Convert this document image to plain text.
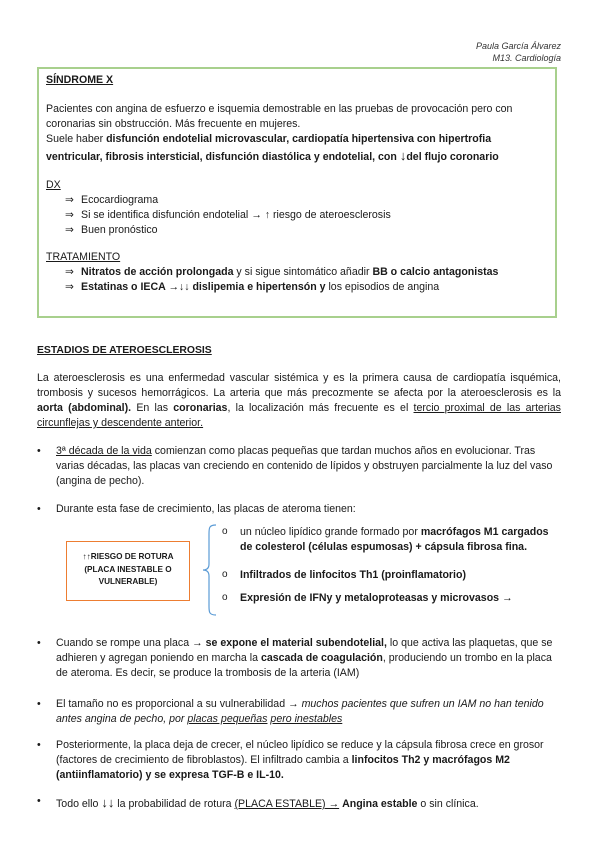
Paula García Álvarez
M13. Cardiología

SÍNDROME X

Pacientes con angina de esfuerzo e isquemia demostrable en las pruebas de provocación pero con coronarias sin obstrucción. Más frecuente en mujeres.

Suele haber disfunción endotelial microvascular, cardiopatía hipertensiva con hipertrofia ventricular, fibrosis intersticial, disfunción diastólica y endotelial, con ↓del flujo coronario

DX

⇒ Ecocardiograma

⇒ Si se identifica disfunción endotelial → ↑ riesgo de ateroesclerosis

⇒ Buen pronóstico

TRATAMIENTO

⇒ Nitratos de acción prolongada y si sigue sintomático añadir BB o calcio antagonistas

⇒ Estatinas o IECA →↓↓ dislipemia e hipertensón y los episodios de angina

ESTADIOS DE ATEROESCLEROSIS
La ateroesclerosis es una enfermedad vascular sistémica y es la primera causa de cardiopatía isquémica, trombosis y sucesos hemorrágicos. La arteria que más precozmente se afecta por la ateroesclerosis es la aorta (abdominal). En las coronarias, la localización más frecuente es el tercio proximal de las arterias circunflejas y descendente anterior.
•	3ª década de la vida comienzan como placas pequeñas que tardan muchos años en evolucionar. Tras varias décadas, las placas van creciendo en contenido de lípidos y obstruyen parcialmente la luz del vaso (angina de pecho).
•	Durante esta fase de crecimiento, las placas de ateroma tienen:
↑↑RIESGO DE ROTURA
(PLACA INESTABLE O
VULNERABLE)
o un núcleo lipídico grande formado por macrófagos M1 cargados de colesterol (células espumosas) + cápsula fibrosa fina.
o Infiltrados de linfocitos Th1 (proinflamatorio)
o Expresión de IFNy y metaloproteasas y microvasos →
•	Cuando se rompe una placa → se expone el material subendotelial, lo que activa las plaquetas, que se adhieren y agregan poniendo en marcha la cascada de coagulación, produciendo un trombo en la placa de ateroma. Es decir, se produce la trombosis de la arteria (IAM)
•	El tamaño no es proporcional a su vulnerabilidad → muchos pacientes que sufren un IAM no han tenido antes angina de pecho, por placas pequeñas pero inestables
•	Posteriormente, la placa deja de crecer, el núcleo lipídico se reduce y la cápsula fibrosa crece en grosor (factores de crecimiento de fibroblastos). El infiltrado cambia a linfocitos Th2 y macrófagos M2 (antiinflamatorio) y se expresa TGF-B e IL-10.
•	Todo ello ↓↓ la probabilidad de rotura (PLACA ESTABLE) → Angina estable o sin clínica.
